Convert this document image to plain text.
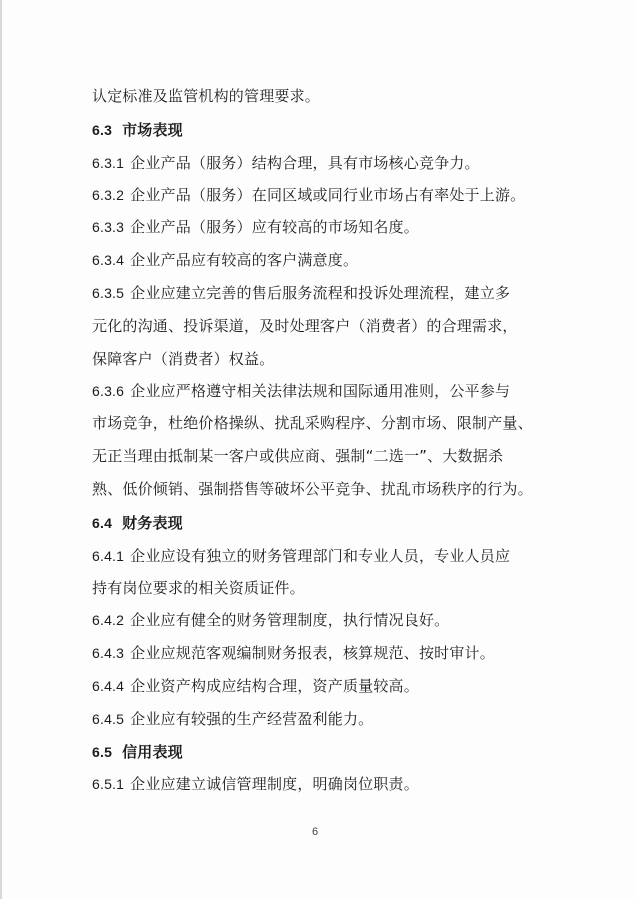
认定标准及监管机构的管理要求。
6.3 市场表现
6.3.1 企业产品（服务）结构合理，具有市场核心竞争力。
6.3.2 企业产品（服务）在同区域或同行业市场占有率处于上游。
6.3.3 企业产品（服务）应有较高的市场知名度。
6.3.4 企业产品应有较高的客户满意度。
6.3.5 企业应建立完善的售后服务流程和投诉处理流程，建立多
元化的沟通、投诉渠道，及时处理客户（消费者）的合理需求，
保障客户（消费者）权益。
6.3.6 企业应严格遵守相关法律法规和国际通用准则，公平参与
市场竞争，杜绝价格操纵、扰乱采购程序、分割市场、限制产量、
无正当理由抵制某一客户或供应商、强制“二选一”、大数据杀
熟、低价倾销、强制搭售等破坏公平竞争、扰乱市场秩序的行为。
6.4 财务表现
6.4.1 企业应设有独立的财务管理部门和专业人员，专业人员应
持有岗位要求的相关资质证件。
6.4.2 企业应有健全的财务管理制度，执行情况良好。
6.4.3 企业应规范客观编制财务报表，核算规范、按时审计。
6.4.4 企业资产构成应结构合理，资产质量较高。
6.4.5 企业应有较强的生产经营盈利能力。
6.5 信用表现
6.5.1 企业应建立诚信管理制度，明确岗位职责。
6
